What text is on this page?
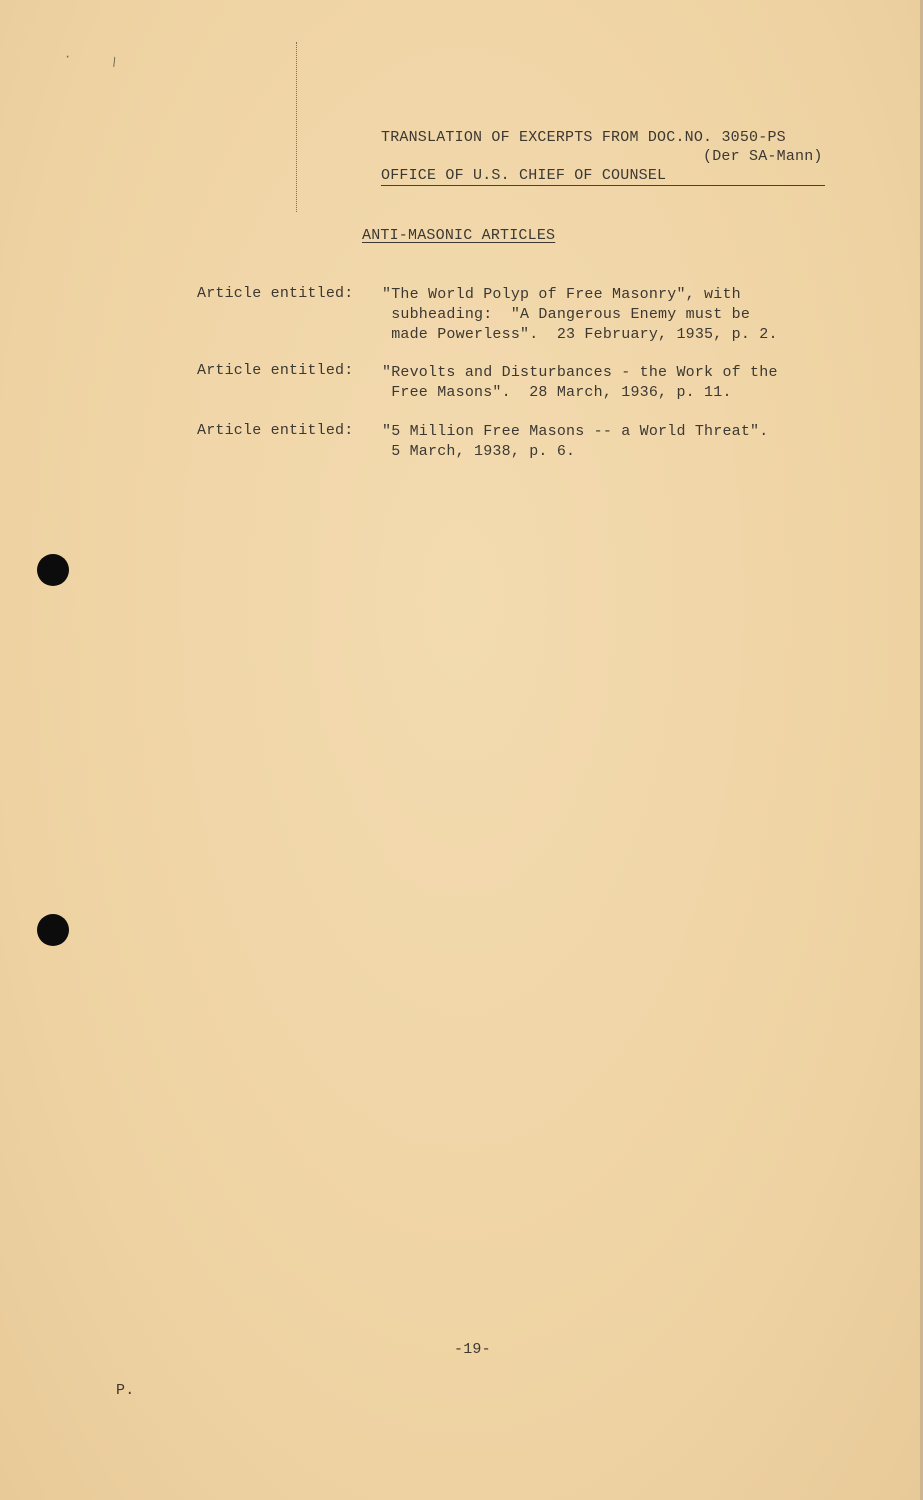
·	\
TRANSLATION OF EXCERPTS FROM DOC.NO. 3050-PS
(Der SA-Mann)
OFFICE OF U.S. CHIEF OF COUNSEL
ANTI-MASONIC ARTICLES
Article entitled: "The World Polyp of Free Masonry", with
subheading:  "A Dangerous Enemy must be
made Powerless".  23 February, 1935, p. 2.
Article entitled: "Revolts and Disturbances - the Work of the
Free Masons".  28 March, 1936, p. 11.
Article entitled: "5 Million Free Masons -- a World Threat".
5 March, 1938, p. 6.
-19-
P.
